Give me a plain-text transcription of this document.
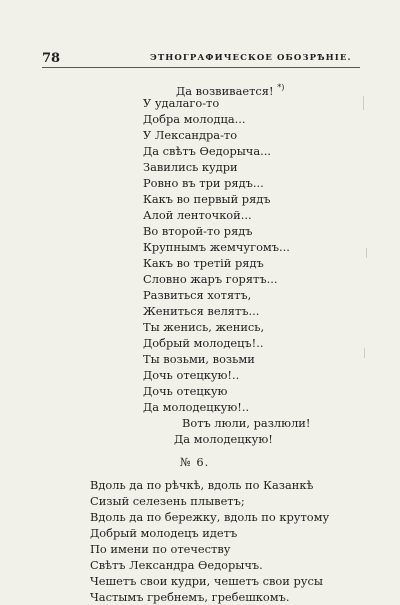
78	ЭТНОГРАФИЧЕСКОЕ ОБОЗРѢНІЕ.
Да возвивается! *)
У удалаго-то
Добра молодца...
У Лександра-то
Да свѣтъ Ѳедорыча...
Завились кудри
Ровно въ три рядъ...
Какъ во первый рядъ
Алой ленточкой...
Во второй-то рядъ
Крупнымъ жемчугомъ...
Какъ во третій рядъ
Словно жаръ горятъ...
Развиться хотятъ,
Жениться велятъ...
Ты женись, женись,
Добрый молодецъ!..
Ты возьми, возьми
Дочь отецкую!..
Дочь отецкую
Да молодецкую!..
Вотъ люли, разлюли!
Да молодецкую!
№ 6.
Вдоль да по рѣчкѣ, вдоль по Казанкѣ
Сизый селезень плыветъ;
Вдоль да по бережку, вдоль по крутому
Добрый молодецъ идетъ
По имени по отечеству
Свѣтъ Лександра Ѳедорычъ.
Чешетъ свои кудри, чешетъ свои русы
Частымъ гребнемъ, гребешкомъ.
